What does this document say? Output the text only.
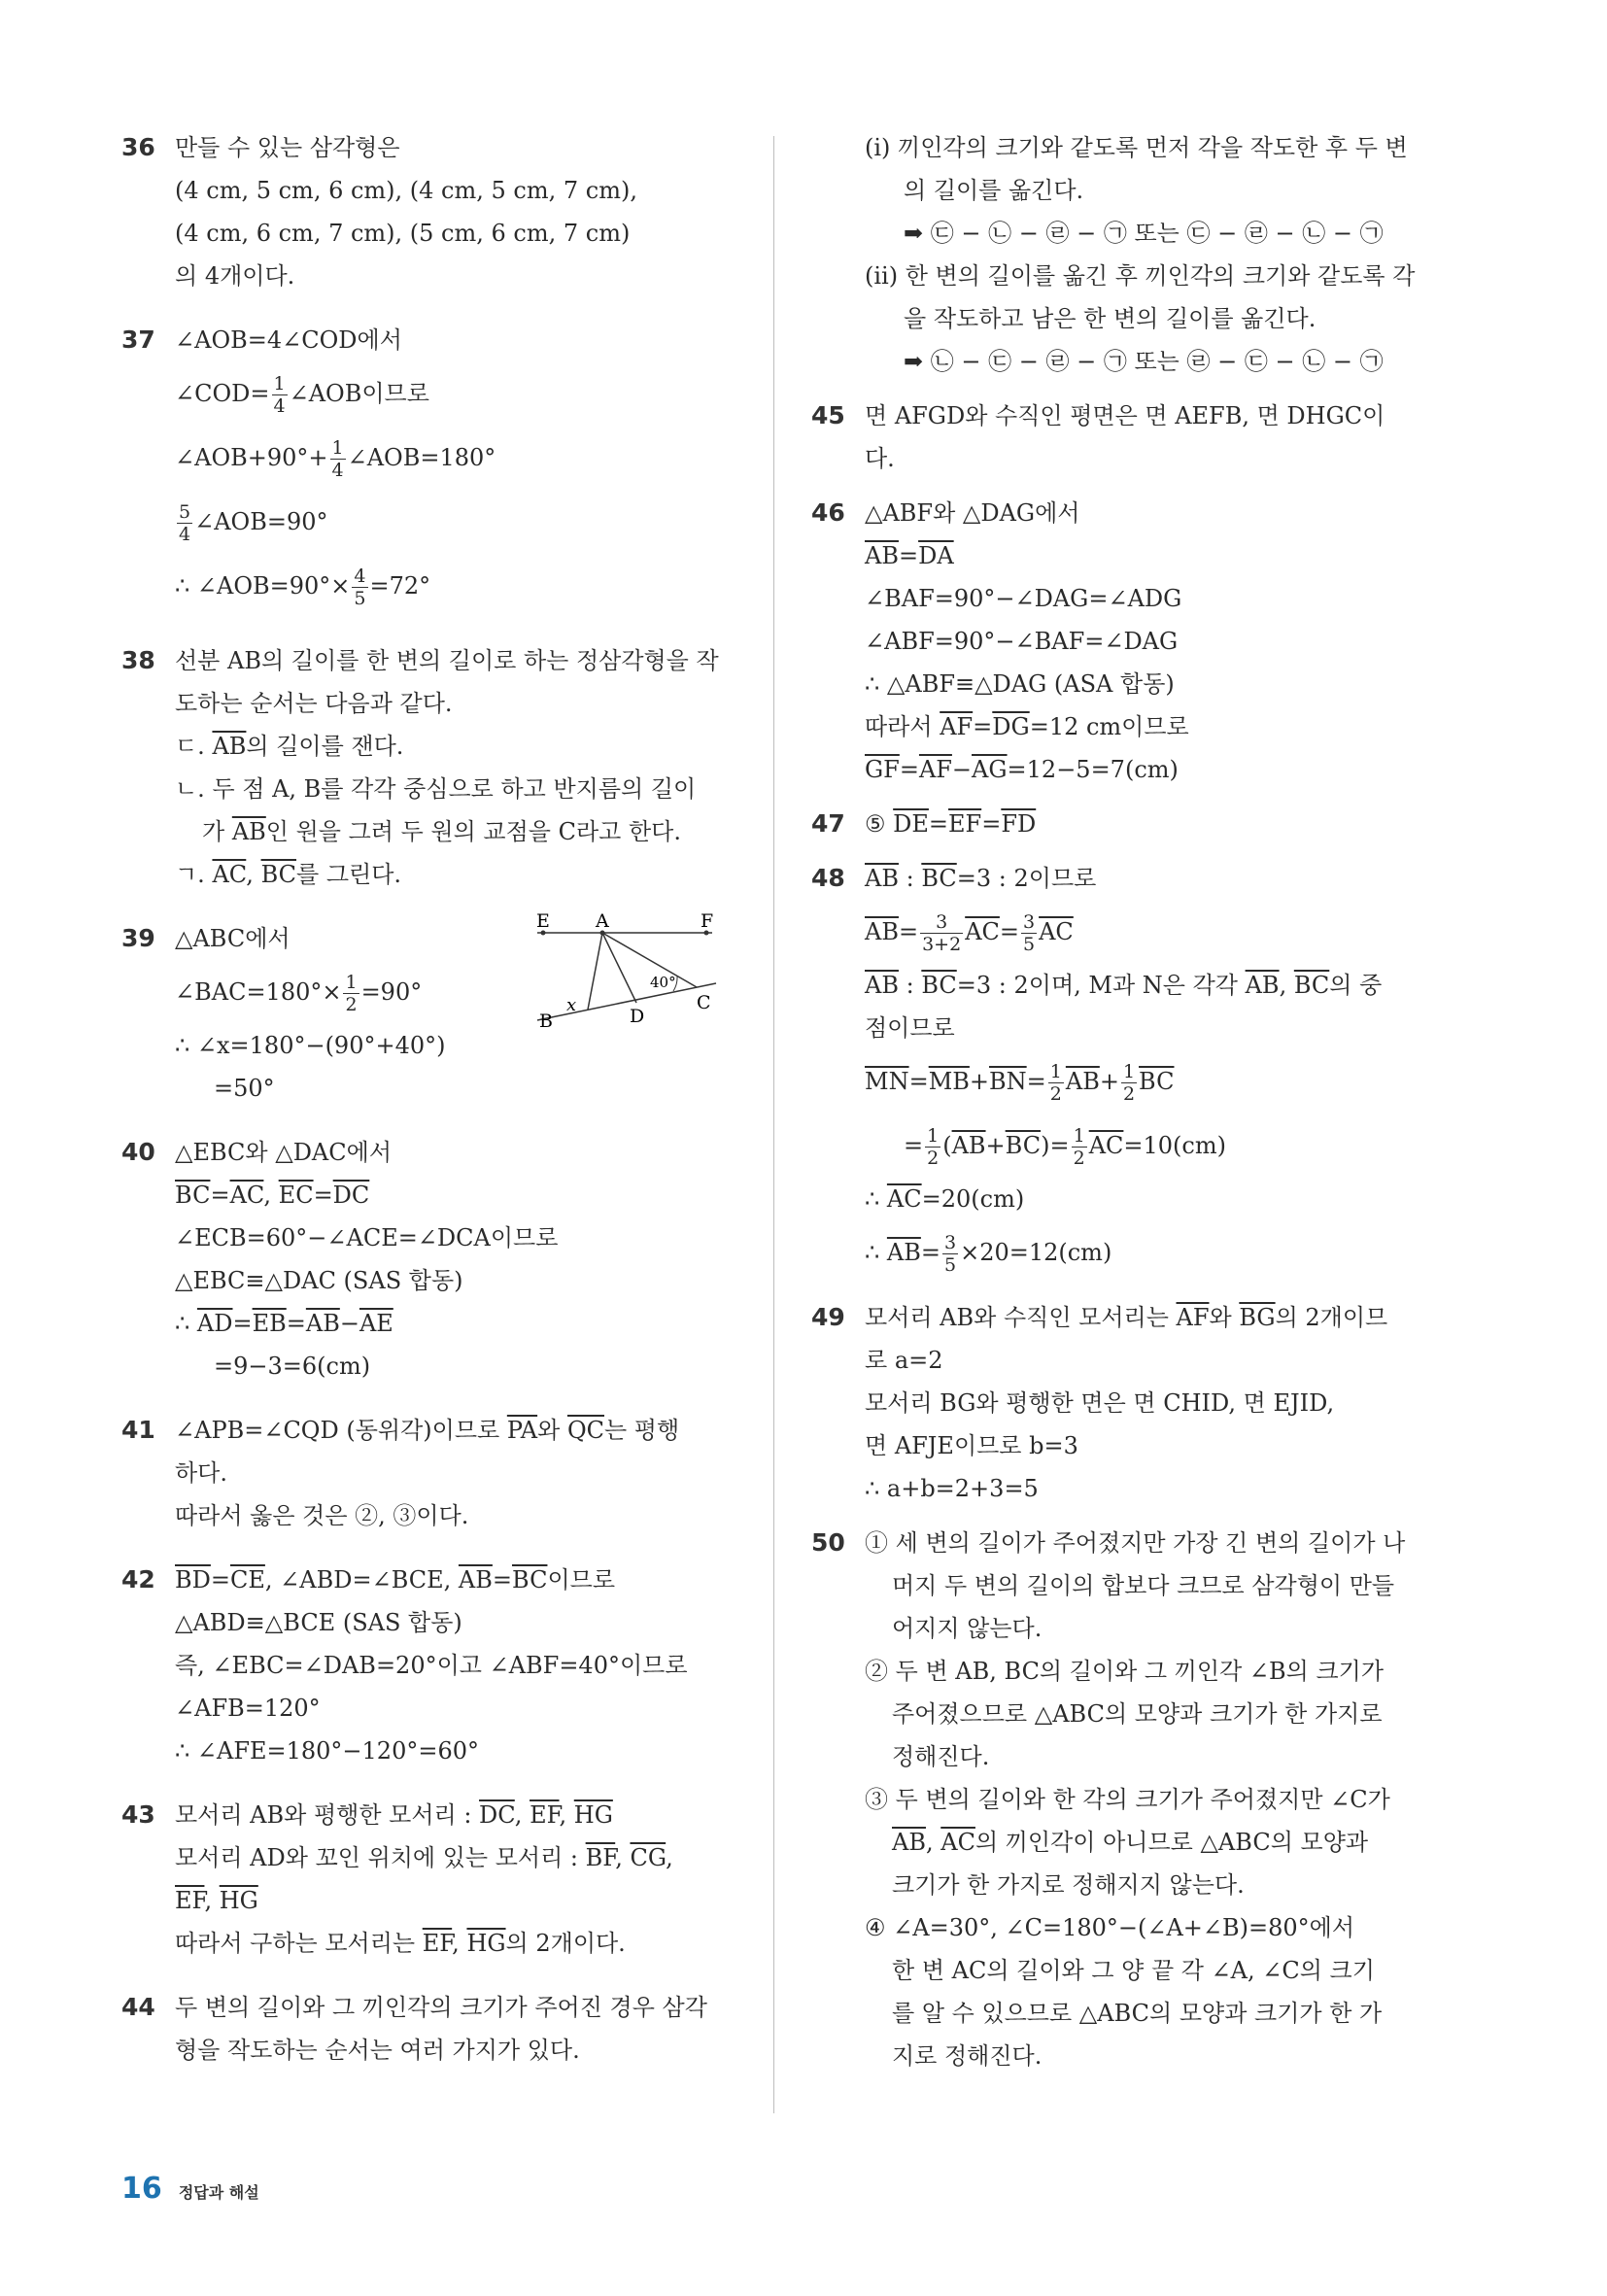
36 만들 수 있는 삼각형은
(4 cm, 5 cm, 6 cm), (4 cm, 5 cm, 7 cm),
(4 cm, 6 cm, 7 cm), (5 cm, 6 cm, 7 cm)
의 4개이다.
37 ∠AOB=4∠COD에서
∠COD= $\frac{1}{4}$ ∠AOB이므로
∠AOB+90°+ $\frac{1}{4}$ ∠AOB=180°
$\frac{5}{4}$ ∠AOB=90°
∴ ∠AOB=90°× $\frac{4}{5} =72^\circ$
38 선분 AB의 길이를 한 변의 길이로 하는 정삼각형을 작
도하는 순서는 다음과 같다.
ㄷ. $\overline{AB}$의 길이를 잰다.
ㄴ. 두 점 A, B를 각각 중심으로 하고 반지름의 길이
가 $\overline{AB}$인 원을 그려 두 원의 교점을 C라고 한다.
ㄱ. $\overline{AC}$, $\overline{BC}$를 그린다.
39 △ABC에서
∠BAC=180°× $\frac{1}{2} =90^\circ$
∴ ∠x=180°−(90°+40°)
=50°
E A	F
B
C
D
x
40°
40 △EBC와 △DAC에서
$\overline{BC}=\overline{AC}$, $\overline{EC}=\overline{DC}$
∠ECB=60°−∠ACE=∠DCA이므로
△EBC≡△DAC (SAS 합동)
∴ $\overline{AD}=\overline{EB}=\overline{AB}-\overline{AE}$
=9−3=6(cm)
41 ∠APB=∠CQD (동위각)이므로 $\overline{PA}$와 $\overline{QC}$는 평행
하다.
따라서 옳은 것은 ②, ③이다.
42 $\overline{BD}=\overline{CE}$, ∠ABD=∠BCE, $\overline{AB}=\overline{BC}$이므로
△ABD≡△BCE (SAS 합동)
즉, ∠EBC=∠DAB=20°이고 ∠ABF=40°이므로
∠AFB=120°
∴ ∠AFE=180°−120°=60°
43 모서리 AB와 평행한 모서리 : $\overline{DC}$, $\overline{EF}$, $\overline{HG}$
모서리 AD와 꼬인 위치에 있는 모서리 : $\overline{BF}$, $\overline{CG}$,
$\overline{EF}$, $\overline{HG}$
따라서 구하는 모서리는 $\overline{EF}$, $\overline{HG}$의 2개이다.
44 두 변의 길이와 그 끼인각의 크기가 주어진 경우 삼각
형을 작도하는 순서는 여러 가지가 있다.
(ⅰ) 끼인각의 크기와 같도록 먼저 각을 작도한 후 두 변
의 길이를 옮긴다.
➡ ㉢ − ㉡ − ㉣ − ㉠ 또는 ㉢ − ㉣ − ㉡ − ㉠
(ⅱ) 한 변의 길이를 옮긴 후 끼인각의 크기와 같도록 각
을 작도하고 남은 한 변의 길이를 옮긴다.
➡ ㉡ − ㉢ − ㉣ − ㉠ 또는 ㉣ − ㉢ − ㉡ − ㉠
45 면 AFGD와 수직인 평면은 면 AEFB, 면 DHGC이
다.
46 △ABF와 △DAG에서
$\overline{AB}=\overline{DA}$
∠BAF=90°−∠DAG=∠ADG
∠ABF=90°−∠BAF=∠DAG
∴ △ABF≡△DAG (ASA 합동)
따라서 $\overline{AF}=\overline{DG}=12$ cm이므로
$\overline{GF}=\overline{AF}-\overline{AG}=12-5=7(cm)$
47 ⑤ $\overline{DE}=\overline{EF}=\overline{FD}$
48 $\overline{AB}$ : $\overline{BC}=3$ : 2이므로
$\overline{AB}= \frac{3}{3+2} \overline{AC}= \frac{3}{5} \overline{AC}$
$\overline{AB}$ : $\overline{BC}=3$ : 2이며, M과 N은 각각 $\overline{AB}$, $\overline{BC}$의 중
점이므로
$\overline{MN}=\overline{MB}+\overline{BN}= \frac{1}{2} \overline{AB}+ \frac{1}{2} \overline{BC}$
= $\frac{1}{2} (\overline{AB}+\overline{BC})= \frac{1}{2} \overline{AC}=10(cm)$
∴ $\overline{AC}=20(cm)$
∴ $\overline{AB}= \frac{3}{5} \times 20=12(cm)$
49 모서리 AB와 수직인 모서리는 $\overline{AF}$와 $\overline{BG}$의 2개이므
로 a=2
모서리 BG와 평행한 면은 면 CHID, 면 EJID,
면 AFJE이므로 b=3
∴ a+b=2+3=5
50 ① 세 변의 길이가 주어졌지만 가장 긴 변의 길이가 나
머지 두 변의 길이의 합보다 크므로 삼각형이 만들
어지지 않는다.
② 두 변 AB, BC의 길이와 그 끼인각 ∠B의 크기가
주어졌으므로 △ABC의 모양과 크기가 한 가지로
정해진다.
③ 두 변의 길이와 한 각의 크기가 주어졌지만 ∠C가
$\overline{AB}$, $\overline{AC}$의 끼인각이 아니므로 △ABC의 모양과
크기가 한 가지로 정해지지 않는다.
④ ∠A=30°, ∠C=180°−(∠A+∠B)=80°에서
한 변 AC의 길이와 그 양 끝 각 ∠A, ∠C의 크기
를 알 수 있으므로 △ABC의 모양과 크기가 한 가
지로 정해진다.
16 정답과 해설
